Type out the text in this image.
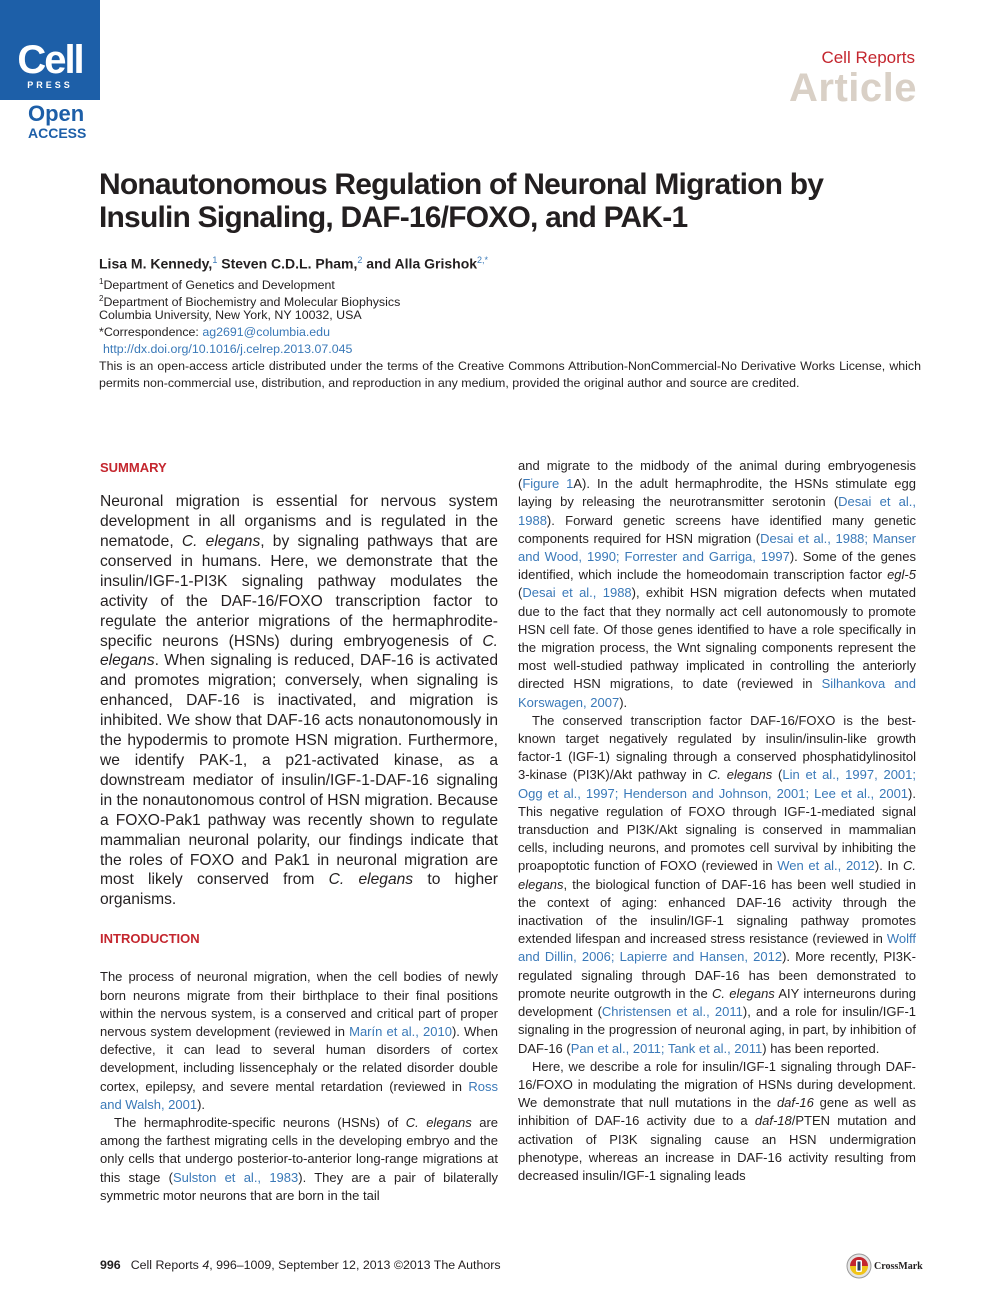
Cell
PRESS
Open
ACCESS
Cell Reports
Article
Nonautonomous Regulation of Neuronal Migration by Insulin Signaling, DAF-16/FOXO, and PAK-1
Lisa M. Kennedy,$^1$ Steven C.D.L. Pham,$^2$ and Alla Grishok$^{2,*}$
$^1$Department of Genetics and Development
$^2$Department of Biochemistry and Molecular Biophysics
Columbia University, New York, NY 10032, USA
*Correspondence: ag2691@columbia.edu
http://dx.doi.org/10.1016/j.celrep.2013.07.045
This is an open-access article distributed under the terms of the Creative Commons Attribution-NonCommercial-No Derivative Works License, which permits non-commercial use, distribution, and reproduction in any medium, provided the original author and source are credited.
SUMMARY

Neuronal migration is essential for nervous system development in all organisms and is regulated in the nematode, C. elegans, by signaling pathways that are conserved in humans. Here, we demonstrate that the insulin/IGF-1-PI3K signaling pathway modulates the activity of the DAF-16/FOXO transcription factor to regulate the anterior migrations of the hermaphrodite-specific neurons (HSNs) during embryogenesis of C. elegans. When signaling is reduced, DAF-16 is activated and promotes migration; conversely, when signaling is enhanced, DAF-16 is inactivated, and migration is inhibited. We show that DAF-16 acts nonautonomously in the hypodermis to promote HSN migration. Furthermore, we identify PAK-1, a p21-activated kinase, as a downstream mediator of insulin/IGF-1-DAF-16 signaling in the nonautonomous control of HSN migration. Because a FOXO-Pak1 pathway was recently shown to regulate mammalian neuronal polarity, our findings indicate that the roles of FOXO and Pak1 in neuronal migration are most likely conserved from C. elegans to higher organisms.

INTRODUCTION

The process of neuronal migration, when the cell bodies of newly born neurons migrate from their birthplace to their final positions within the nervous system, is a conserved and critical part of proper nervous system development (reviewed in Marín et al., 2010). When defective, it can lead to several human disorders of cortex development, including lissencephaly or the related disorder double cortex, epilepsy, and severe mental retardation (reviewed in Ross and Walsh, 2001).

The hermaphrodite-specific neurons (HSNs) of C. elegans are among the farthest migrating cells in the developing embryo and the only cells that undergo posterior-to-anterior long-range migrations at this stage (Sulston et al., 1983). They are a pair of bilaterally symmetric motor neurons that are born in the tail

and migrate to the midbody of the animal during embryogenesis (Figure 1A). In the adult hermaphrodite, the HSNs stimulate egg laying by releasing the neurotransmitter serotonin (Desai et al., 1988). Forward genetic screens have identified many genetic components required for HSN migration (Desai et al., 1988; Manser and Wood, 1990; Forrester and Garriga, 1997). Some of the genes identified, which include the homeodomain transcription factor egl-5 (Desai et al., 1988), exhibit HSN migration defects when mutated due to the fact that they normally act cell autonomously to promote HSN cell fate. Of those genes identified to have a role specifically in the migration process, the Wnt signaling components represent the most well-studied pathway implicated in controlling the anteriorly directed HSN migrations, to date (reviewed in Silhankova and Korswagen, 2007).

The conserved transcription factor DAF-16/FOXO is the best-known target negatively regulated by insulin/insulin-like growth factor-1 (IGF-1) signaling through a conserved phosphatidylinositol 3-kinase (PI3K)/Akt pathway in C. elegans (Lin et al., 1997, 2001; Ogg et al., 1997; Henderson and Johnson, 2001; Lee et al., 2001). This negative regulation of FOXO through IGF-1-mediated signal transduction and PI3K/Akt signaling is conserved in mammalian cells, including neurons, and promotes cell survival by inhibiting the proapoptotic function of FOXO (reviewed in Wen et al., 2012). In C. elegans, the biological function of DAF-16 has been well studied in the context of aging: enhanced DAF-16 activity through the inactivation of the insulin/IGF-1 signaling pathway promotes extended lifespan and increased stress resistance (reviewed in Wolff and Dillin, 2006; Lapierre and Hansen, 2012). More recently, PI3K-regulated signaling through DAF-16 has been demonstrated to promote neurite outgrowth in the C. elegans AIY interneurons during development (Christensen et al., 2011), and a role for insulin/IGF-1 signaling in the progression of neuronal aging, in part, by inhibition of DAF-16 (Pan et al., 2011; Tank et al., 2011) has been reported.

Here, we describe a role for insulin/IGF-1 signaling through DAF-16/FOXO in modulating the migration of HSNs during development. We demonstrate that null mutations in the daf-16 gene as well as inhibition of DAF-16 activity due to a daf-18/PTEN mutation and activation of PI3K signaling cause an HSN undermigration phenotype, whereas an increase in DAF-16 activity resulting from decreased insulin/IGF-1 signaling leads

996 Cell Reports 4, 996–1009, September 12, 2013 ©2013 The Authors	CrossMark
